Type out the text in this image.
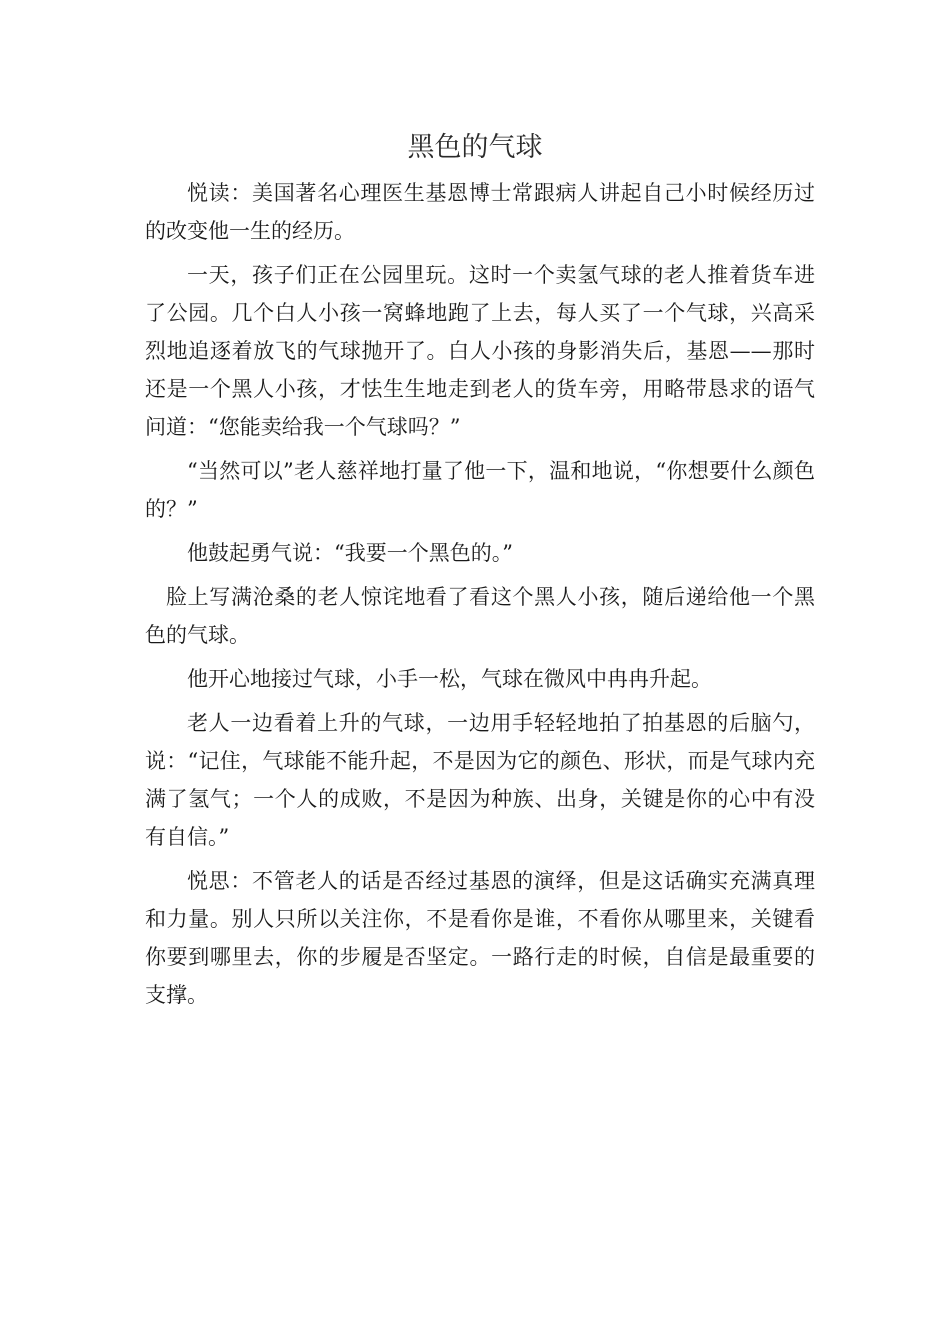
黑色的气球

悦读：美国著名心理医生基恩博士常跟病人讲起自己小时候经历过的改变他一生的经历。

一天，孩子们正在公园里玩。这时一个卖氢气球的老人推着货车进了公园。几个白人小孩一窝蜂地跑了上去，每人买了一个气球，兴高采烈地追逐着放飞的气球抛开了。白人小孩的身影消失后，基恩——那时还是一个黑人小孩，才怯生生地走到老人的货车旁，用略带恳求的语气问道：“您能卖给我一个气球吗？”

“当然可以”老人慈祥地打量了他一下，温和地说，“你想要什么颜色的？”

他鼓起勇气说：“我要一个黑色的。”

脸上写满沧桑的老人惊诧地看了看这个黑人小孩，随后递给他一个黑色的气球。

他开心地接过气球，小手一松，气球在微风中冉冉升起。

老人一边看着上升的气球，一边用手轻轻地拍了拍基恩的后脑勺，说：“记住，气球能不能升起，不是因为它的颜色、形状，而是气球内充满了氢气；一个人的成败，不是因为种族、出身，关键是你的心中有没有自信。”

悦思：不管老人的话是否经过基恩的演绎，但是这话确实充满真理和力量。别人只所以关注你，不是看你是谁，不看你从哪里来，关键看你要到哪里去，你的步履是否坚定。一路行走的时候，自信是最重要的支撑。
